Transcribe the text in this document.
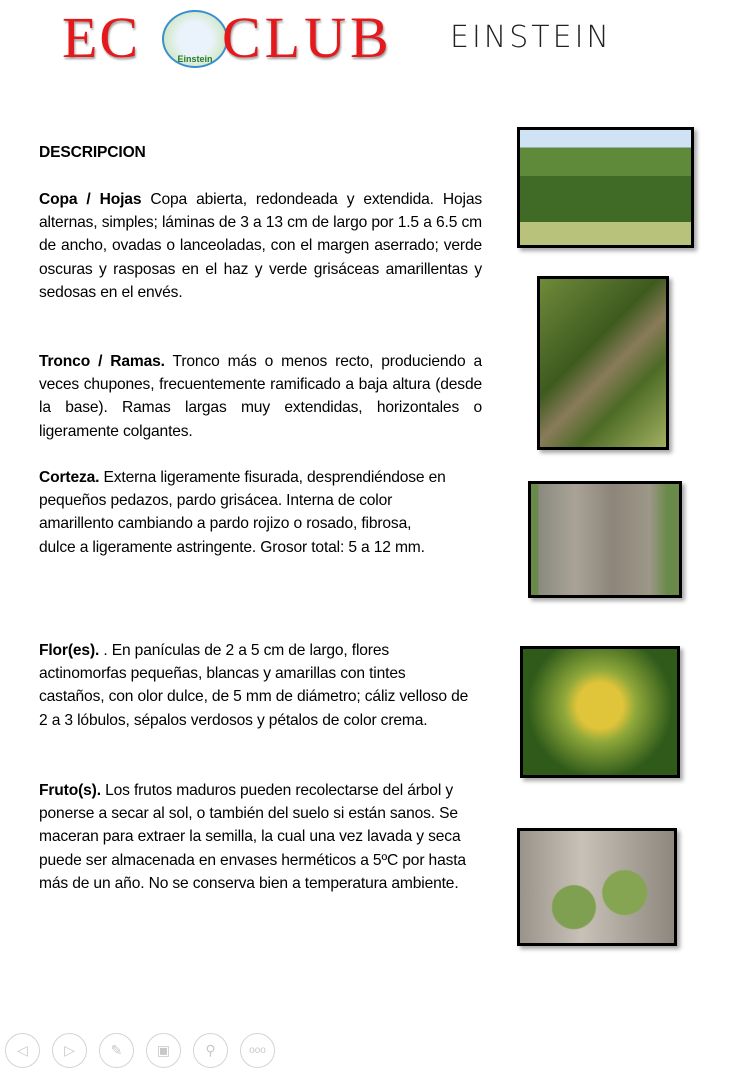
EC	Einstein CLUB EINSTEIN
DESCRIPCION

Copa / Hojas Copa abierta, redondeada y extendida. Hojas alternas, simples; láminas de 3 a 13 cm de largo por 1.5 a 6.5 cm de ancho, ovadas o lanceoladas, con el margen aserrado; verde oscuras y rasposas en el haz y verde grisáceas amarillentas y sedosas en el envés.

Tronco / Ramas. Tronco más o menos recto, produciendo a veces chupones, frecuentemente ramificado a baja altura (desde la base). Ramas largas muy extendidas, horizontales o ligeramente colgantes.

Corteza. Externa ligeramente fisurada, desprendiéndose en pequeños pedazos, pardo grisácea. Interna de color amarillento cambiando a pardo rojizo o rosado, fibrosa, dulce a ligeramente astringente. Grosor total: 5 a 12 mm.

Flor(es). . En panículas de 2 a 5 cm de largo, flores actinomorfas pequeñas, blancas y amarillas con tintes castaños, con olor dulce, de 5 mm de diámetro; cáliz velloso de 2 a 3 lóbulos, sépalos verdosos y pétalos de color crema.

Fruto(s). Los frutos maduros pueden recolectarse del árbol y ponerse a secar al sol, o también del suelo si están sanos. Se maceran para extraer la semilla, la cual una vez lavada y seca puede ser almacenada en envases herméticos a 5ºC por hasta más de un año. No se conserva bien a temperatura ambiente.

◁	▷	✎ ▣	⚲	ooo
